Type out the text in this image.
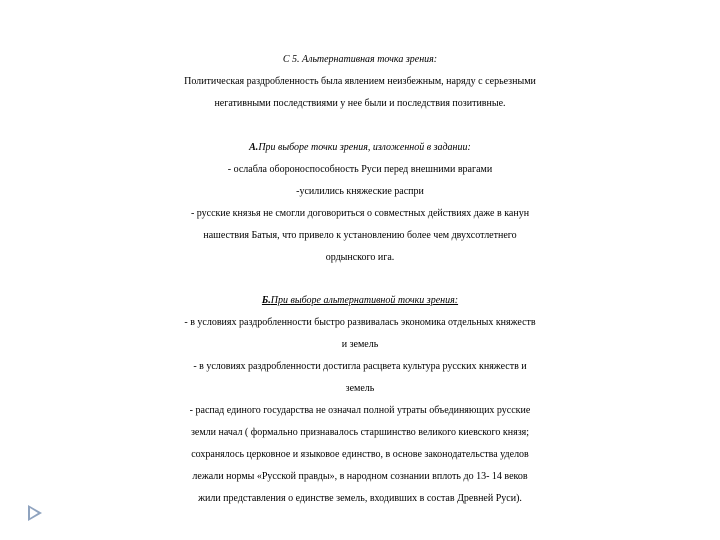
С 5. Альтернативная точка зрения:
Политическая раздробленность была явлением неизбежным, наряду с серьезными
негативными последствиями у нее были и последствия позитивные.
А.При выборе точки зрения, изложенной в задании:
- ослабла обороноспособность Руси перед внешними врагами
-усилились княжеские распри
- русские князья не смогли договориться о совместных действиях даже в канун
нашествия Батыя, что привело к установлению более чем двухсотлетнего
ордынского ига.
Б.При выборе альтернативной точки зрения:
- в условиях раздробленности быстро развивалась экономика отдельных княжеств
и земель
- в условиях раздробленности достигла расцвета культура русских княжеств и
земель
- распад единого государства не означал полной утраты объединяющих русские
земли начал ( формально признавалось старшинство великого киевского князя;
сохранялось церковное и языковое единство, в основе законодательства уделов
лежали нормы «Русской правды», в народном сознании вплоть до 13- 14 веков
жили представления о единстве земель, входивших в состав Древней Руси).
